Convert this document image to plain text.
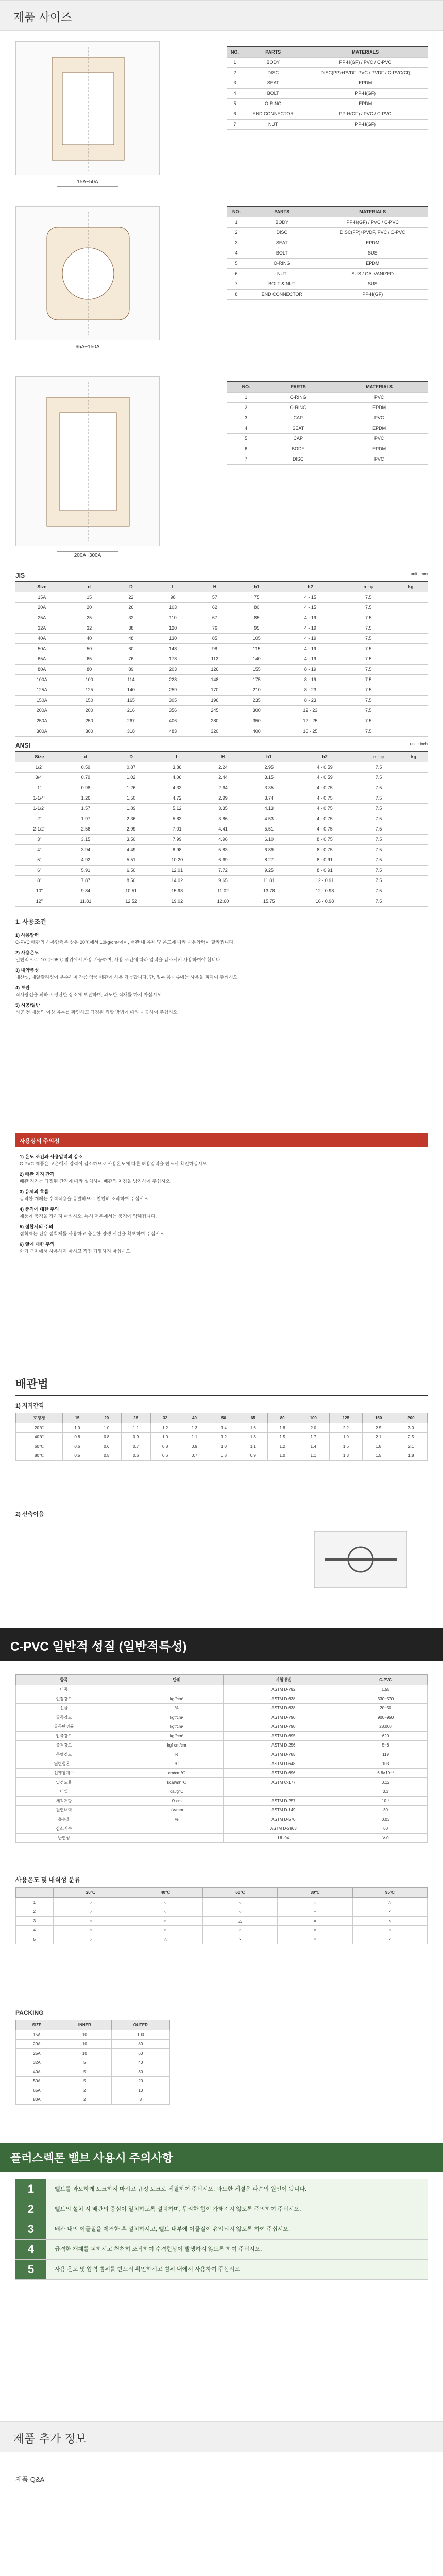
제품 사이즈
15A~50A
NO.	PARTS	MATERIALS
1	BODY	PP-H(GF) / PVC / C-PVC
2	DISC	DISC(PP)+PVDF, PVC / PVDF / C-PVC(CI)
3	SEAT	EPDM
4	BOLT	PP-H(GF)
5	O-RING	EPDM
6	END CONNECTOR	PP-H(GF) / PVC / C-PVC
7	NUT	PP-H(GF)
65A~150A
NO.	PARTS	MATERIALS
1	BODY	PP-H(GF) / PVC / C-PVC
2	DISC	DISC(PP)+PVDF, PVC / C-PVC
3	SEAT	EPDM
4	BOLT	SUS
5	O-RING	EPDM
6	NUT	SUS / GALVANIZED
7	BOLT & NUT	SUS
8	END CONNECTOR	PP-H(GF)
200A~300A
NO.	PARTS	MATERIALS
1	C-RING	PVC
2	O-RING	EPDM
3	CAP	PVC
4	SEAT	EPDM
5	CAP	PVC
6	BODY	EPDM
7	DISC	PVC
JIS	unit : mm
Size	d	D	L	H	h1	h2	n - φ	kg
15A	15	22	98	57	75	4 - 15	7.5	
20A	20	26	103	62	80	4 - 15	7.5	
25A	25	32	110	67	85	4 - 19	7.5	
32A	32	38	120	76	95	4 - 19	7.5	
40A	40	48	130	85	105	4 - 19	7.5	
50A	50	60	148	98	115	4 - 19	7.5	
65A	65	76	178	112	140	4 - 19	7.5	
80A	80	89	203	126	155	8 - 19	7.5	
100A	100	114	228	148	175	8 - 19	7.5	
125A	125	140	259	170	210	8 - 23	7.5	
150A	150	165	305	196	235	8 - 23	7.5	
200A	200	216	356	245	300	12 - 23	7.5	
250A	250	267	406	280	350	12 - 25	7.5	
300A	300	318	483	320	400	16 - 25	7.5	
ANSI	unit : inch
Size	d	D	L	H	h1	h2	n - φ	kg
1/2"	0.59	0.87	3.86	2.24	2.95	4 - 0.59	7.5	
3/4"	0.79	1.02	4.06	2.44	3.15	4 - 0.59	7.5	
1"	0.98	1.26	4.33	2.64	3.35	4 - 0.75	7.5	
1-1/4"	1.26	1.50	4.72	2.99	3.74	4 - 0.75	7.5	
1-1/2"	1.57	1.89	5.12	3.35	4.13	4 - 0.75	7.5	
2"	1.97	2.36	5.83	3.86	4.53	4 - 0.75	7.5	
2-1/2"	2.56	2.99	7.01	4.41	5.51	4 - 0.75	7.5	
3"	3.15	3.50	7.99	4.96	6.10	8 - 0.75	7.5	
4"	3.94	4.49	8.98	5.83	6.89	8 - 0.75	7.5	
5"	4.92	5.51	10.20	6.69	8.27	8 - 0.91	7.5	
6"	5.91	6.50	12.01	7.72	9.25	8 - 0.91	7.5	
8"	7.87	8.50	14.02	9.65	11.81	12 - 0.91	7.5	
10"	9.84	10.51	15.98	11.02	13.78	12 - 0.98	7.5	
12"	11.81	12.52	19.02	12.60	15.75	16 - 0.98	7.5	
1. 사용조건
1) 사용압력

C-PVC 배관의 사용압력은 상온 20℃에서 10kg/cm²이며, 배관 내 유체 및 온도에 따라 사용압력이 달라집니다.

2) 사용온도

일반적으로 -10℃~95℃ 범위에서 사용 가능하며, 사용 조건에 따라 압력을 감소시켜 사용하여야 합니다.

3) 내약품성

내산성, 내알칼리성이 우수하며 각종 약품 배관에 사용 가능합니다. 단, 일부 용제류에는 사용을 피하여 주십시오.

4) 보관

직사광선을 피하고 평탄한 장소에 보관하며, 과도한 적재를 하지 마십시오.

5) 시공/일반

시공 전 제품의 이상 유무를 확인하고 규정된 접합 방법에 따라 시공하여 주십시오.

사용상의 주의점
1) 온도 조건과 사용압력의 감소

C-PVC 제품은 고온에서 압력이 감소하므로 사용온도에 따른 허용압력을 반드시 확인하십시오.

2) 배관 지지 간격

배관 지지는 규정된 간격에 따라 설치하여 배관의 처짐을 방지하여 주십시오.

3) 유체의 흐름

급격한 개폐는 수격작용을 유발하므로 천천히 조작하여 주십시오.

4) 충격에 대한 주의

제품에 충격을 가하지 마십시오. 특히 저온에서는 충격에 약해집니다.

5) 접합시의 주의

접착제는 전용 접착제를 사용하고 충분한 양생 시간을 확보하여 주십시오.

6) 열에 대한 주의

화기 근처에서 사용하지 마시고 직접 가열하지 마십시오.

배관법
1) 지지간격
호칭경	15	20	25	32	40	50	65	80	100	125	150	200
20℃	1.0	1.0	1.1	1.2	1.3	1.4	1.6	1.8	2.0	2.2	2.5	3.0
40℃	0.8	0.8	0.9	1.0	1.1	1.2	1.3	1.5	1.7	1.9	2.1	2.5
60℃	0.6	0.6	0.7	0.8	0.9	1.0	1.1	1.2	1.4	1.6	1.8	2.1
80℃	0.5	0.5	0.6	0.6	0.7	0.8	0.9	1.0	1.1	1.3	1.5	1.8
2) 신축이음
C-PVC 일반적 성질 (일반적특성)
항목		단위	시험방법	C-PVC
비중			ASTM D-792	1.55
인장강도		kgf/cm²	ASTM D-638	530~570
신율		%	ASTM D-638	20~50
굴곡강도		kgf/cm²	ASTM D-790	900~950
굴곡탄성률		kgf/cm²	ASTM D-790	28,000
압축강도		kgf/cm²	ASTM D-695	620
충격강도		kgf·cm/cm	ASTM D-256	5~8
록웰경도		R	ASTM D-785	119
열변형온도		℃	ASTM D-648	103
선팽창계수		cm/cm℃	ASTM D-696	6.8×10⁻⁵
열전도율		kcal/mh℃	ASTM C-177	0.12
비열		cal/g℃		0.3
체적저항		Ω·cm	ASTM D-257	10¹⁵
절연내력		kV/mm	ASTM D-149	30
흡수율		%	ASTM D-570	0.03
산소지수			ASTM D-2863	60
난연성			UL-94	V-0
사용온도 및 내식성 분류
	20℃	40℃	60℃	80℃	95℃
1	○	○	○	○	△
2	○	○	○	△	×
3	○	○	△	×	×
4	○	○	○	○	○
5	○	△	×	×	×
PACKING
SIZE	INNER	OUTER
15A	10	100
20A	10	80
25A	10	60
32A	5	40
40A	5	30
50A	5	20
65A	2	10
80A	2	8
플러스렉톤 밸브 사용시 주의사항
1	밸브를 과도하게 토크하지 마시고 규정 토크로 체결하여 주십시오. 과도한 체결은 파손의 원인이 됩니다.
2	밸브의 설치 시 배관의 중심이 일치하도록 설치하며, 무리한 힘이 가해지지 않도록 주의하여 주십시오.
3	배관 내의 이물질을 제거한 후 설치하시고, 밸브 내부에 이물질이 유입되지 않도록 하여 주십시오.
4	급격한 개폐를 피하시고 천천히 조작하여 수격현상이 발생하지 않도록 하여 주십시오.
5	사용 온도 및 압력 범위를 반드시 확인하시고 범위 내에서 사용하여 주십시오.
제품 추가 정보
제품 Q&A
